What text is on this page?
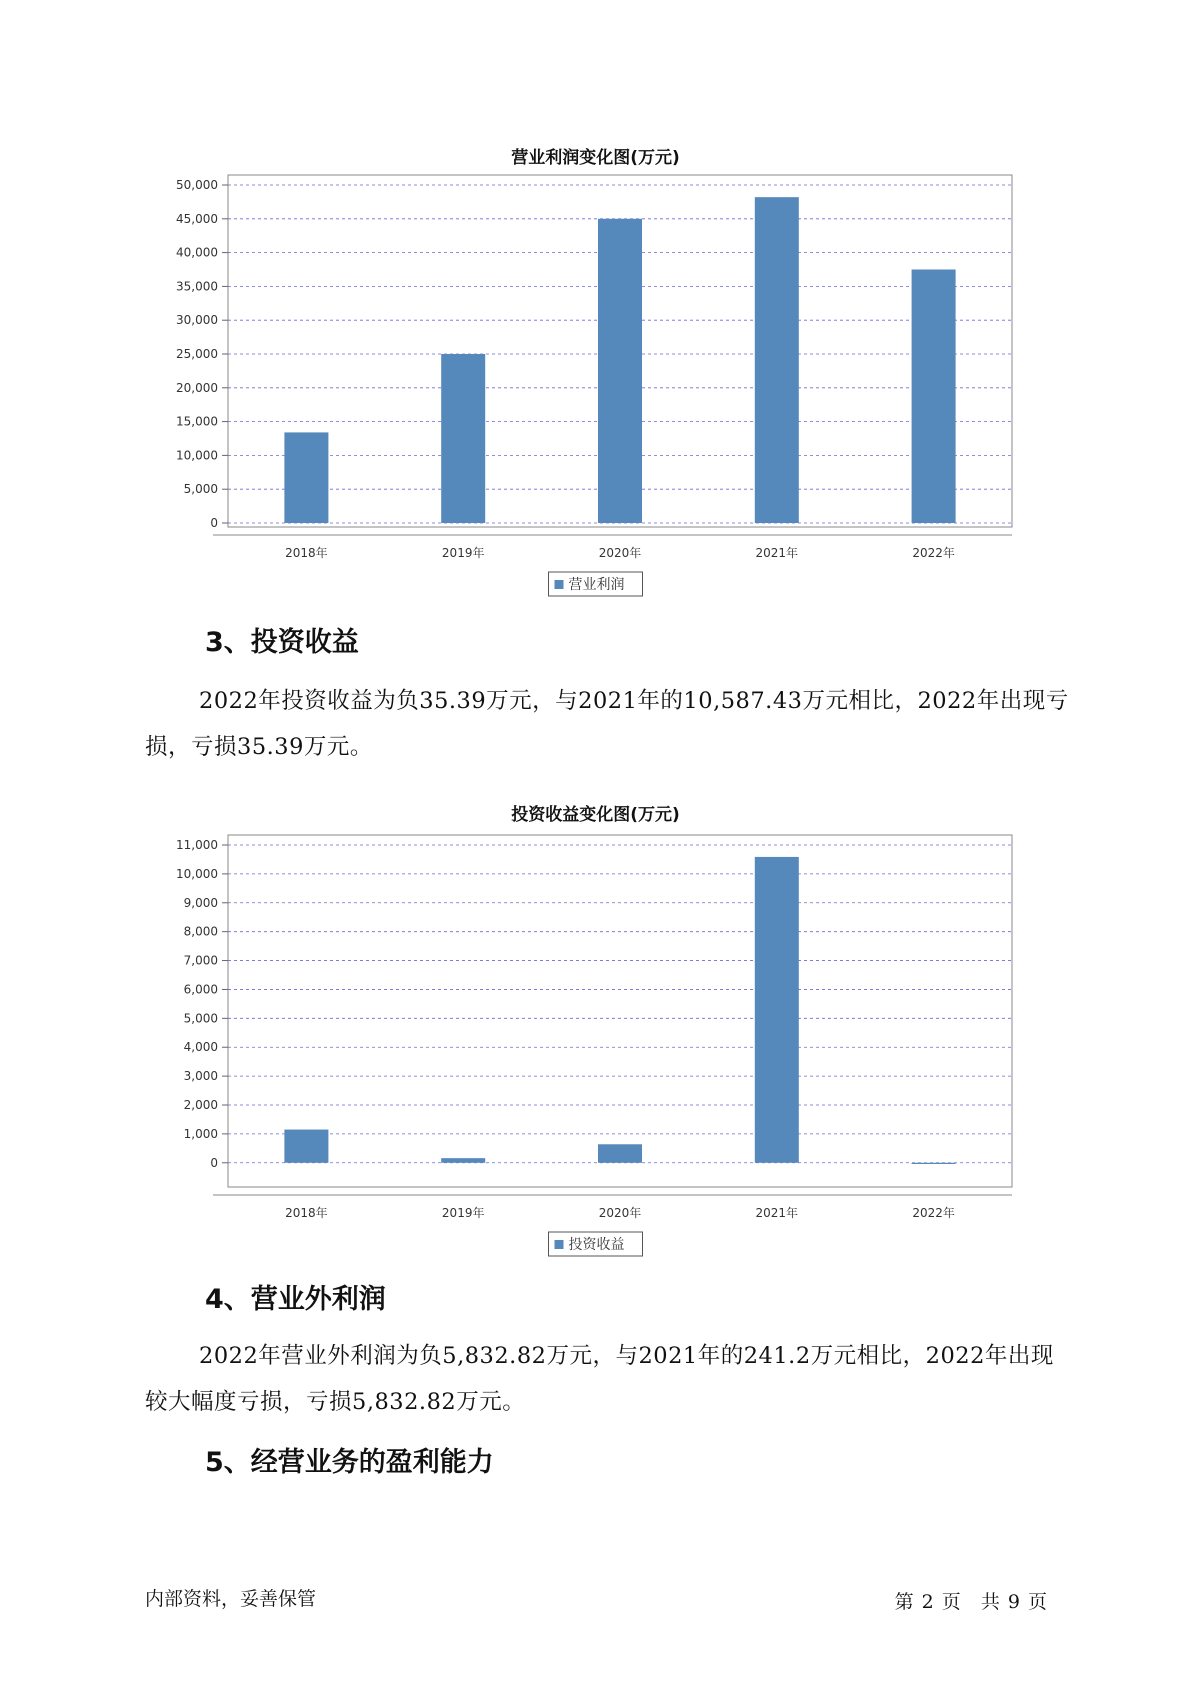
营业利润变化图(万元)
0
5,000
10,000
15,000
20,000
25,000
30,000
35,000
40,000
45,000
50,000
2018年	2019年	2020年	2021年	2022年
营业利润
3、投资收益
2022年投资收益为负35.39万元，与2021年的10,587.43万元相比，2022年出现亏损，亏损35.39万元。
投资收益变化图(万元)
0
1,000
2,000
3,000
4,000
5,000
6,000
7,000
8,000
9,000
10,000
11,000
2018年	2019年	2020年	2021年	2022年
投资收益
4、营业外利润
2022年营业外利润为负5,832.82万元，与2021年的241.2万元相比，2022年出现较大幅度亏损，亏损5,832.82万元。
5、经营业务的盈利能力
内部资料，妥善保管	第 2 页 共 9 页
